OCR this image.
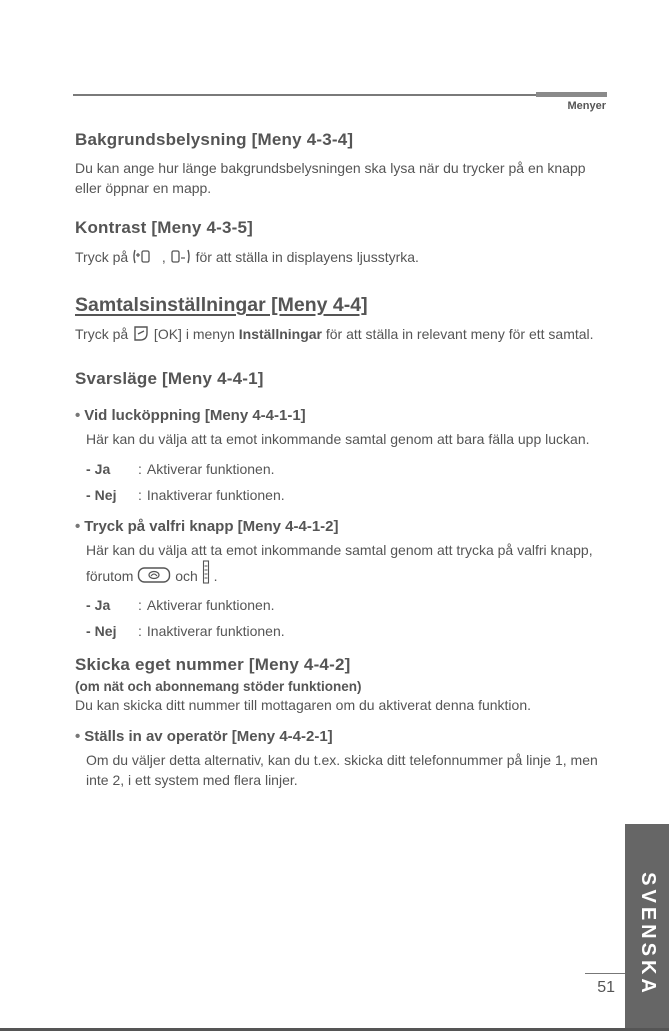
Menyer
Bakgrundsbelysning [Meny 4-3-4]

Du kan ange hur länge bakgrundsbelysningen ska lysa när du trycker på en knapp eller öppnar en mapp.

Kontrast [Meny 4-3-5]

Tryck på  ,  för att ställa in displayens ljusstyrka.

Samtalsinställningar [Meny 4-4]

Tryck på  [OK] i menyn Inställningar för att ställa in relevant meny för ett samtal.

Svarsläge [Meny 4-4-1]

• Vid lucköppning [Meny 4-4-1-1]

Här kan du välja att ta emot inkommande samtal genom att bara fälla upp luckan.

- Ja	: Aktiverar funktionen.
- Nej	: Inaktiverar funktionen.

• Tryck på valfri knapp [Meny 4-4-1-2]

Här kan du välja att ta emot inkommande samtal genom att trycka på valfri knapp, förutom  och  .

- Ja	: Aktiverar funktionen.
- Nej	: Inaktiverar funktionen.
Skicka eget nummer [Meny 4-4-2]

(om nät och abonnemang stöder funktionen)

Du kan skicka ditt nummer till mottagaren om du aktiverat denna funktion.

• Ställs in av operatör [Meny 4-4-2-1]

Om du väljer detta alternativ, kan du t.ex. skicka ditt telefonnummer på linje 1, men inte 2, i ett system med flera linjer.

SVENSKA
51
